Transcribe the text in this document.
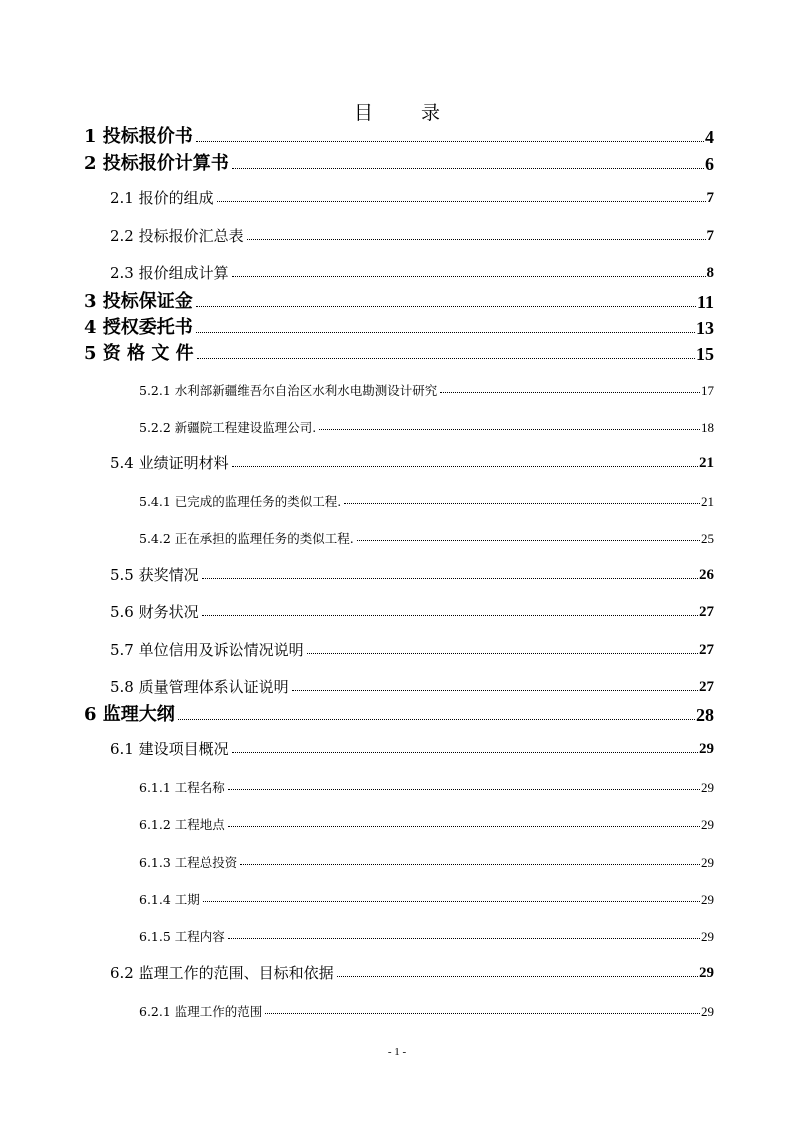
目	录
1 投标报价书	4
2 投标报价计算书	6
2.1 报价的组成	7
2.2 投标报价汇总表	7
2.3 报价组成计算	8
3 投标保证金	11
4 授权委托书	13
5 资 格 文 件	15
5.2.1 水利部新疆维吾尔自治区水利水电勘测设计研究	17
5.2.2 新疆院工程建设监理公司.	18
5.4 业绩证明材料	21
5.4.1 已完成的监理任务的类似工程.	21
5.4.2 正在承担的监理任务的类似工程.	25
5.5 获奖情况	26
5.6 财务状况	27
5.7 单位信用及诉讼情况说明	27
5.8 质量管理体系认证说明	27
6 监理大纲	28
6.1 建设项目概况	29
6.1.1 工程名称	29
6.1.2 工程地点	29
6.1.3 工程总投资	29
6.1.4 工期	29
6.1.5 工程内容	29
6.2 监理工作的范围、目标和依据	29
6.2.1 监理工作的范围	29
- 1 -
